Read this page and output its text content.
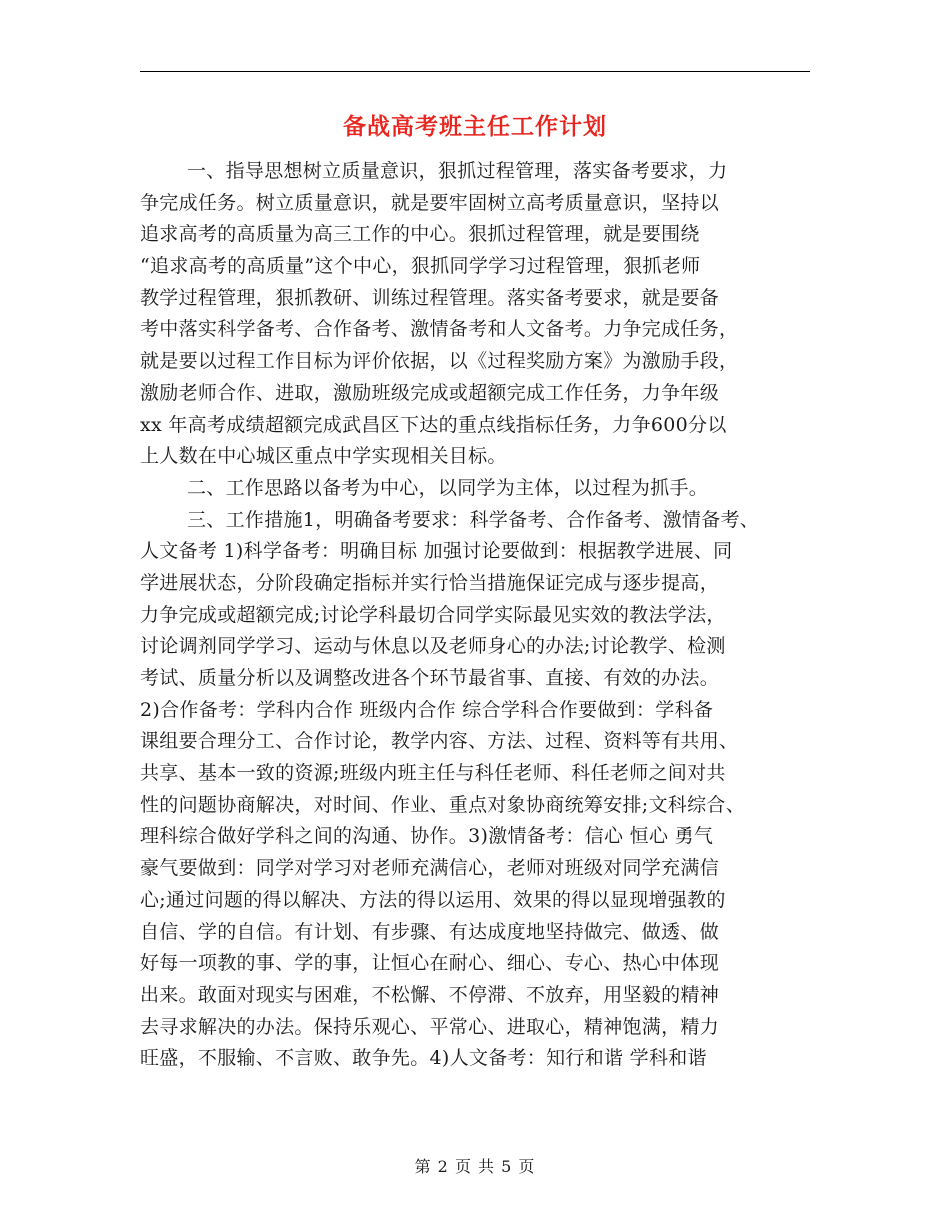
备战高考班主任工作计划
一、指导思想树立质量意识，狠抓过程管理，落实备考要求，力
争完成任务。树立质量意识，就是要牢固树立高考质量意识，坚持以
追求高考的高质量为高三工作的中心。狠抓过程管理，就是要围绕
“追求高考的高质量”这个中心，狠抓同学学习过程管理，狠抓老师
教学过程管理，狠抓教研、训练过程管理。落实备考要求，就是要备
考中落实科学备考、合作备考、激情备考和人文备考。力争完成任务，
就是要以过程工作目标为评价依据，以《过程奖励方案》为激励手段，
激励老师合作、进取，激励班级完成或超额完成工作任务，力争年级
xx 年高考成绩超额完成武昌区下达的重点线指标任务，力争600分以
上人数在中心城区重点中学实现相关目标。
二、工作思路以备考为中心，以同学为主体，以过程为抓手。
三、工作措施1，明确备考要求：科学备考、合作备考、激情备考、
人文备考 1)科学备考：明确目标 加强讨论要做到：根据教学进展、同
学进展状态，分阶段确定指标并实行恰当措施保证完成与逐步提高，
力争完成或超额完成;讨论学科最切合同学实际最见实效的教法学法，
讨论调剂同学学习、运动与休息以及老师身心的办法;讨论教学、检测
考试、质量分析以及调整改进各个环节最省事、直接、有效的办法。
2)合作备考：学科内合作 班级内合作 综合学科合作要做到：学科备
课组要合理分工、合作讨论，教学内容、方法、过程、资料等有共用、
共享、基本一致的资源;班级内班主任与科任老师、科任老师之间对共
性的问题协商解决，对时间、作业、重点对象协商统筹安排;文科综合、
理科综合做好学科之间的沟通、协作。3)激情备考：信心 恒心 勇气
豪气要做到：同学对学习对老师充满信心，老师对班级对同学充满信
心;通过问题的得以解决、方法的得以运用、效果的得以显现增强教的
自信、学的自信。有计划、有步骤、有达成度地坚持做完、做透、做
好每一项教的事、学的事，让恒心在耐心、细心、专心、热心中体现
出来。敢面对现实与困难，不松懈、不停滞、不放弃，用坚毅的精神
去寻求解决的办法。保持乐观心、平常心、进取心，精神饱满，精力
旺盛，不服输、不言败、敢争先。4)人文备考：知行和谐 学科和谐
第 2 页 共 5 页
